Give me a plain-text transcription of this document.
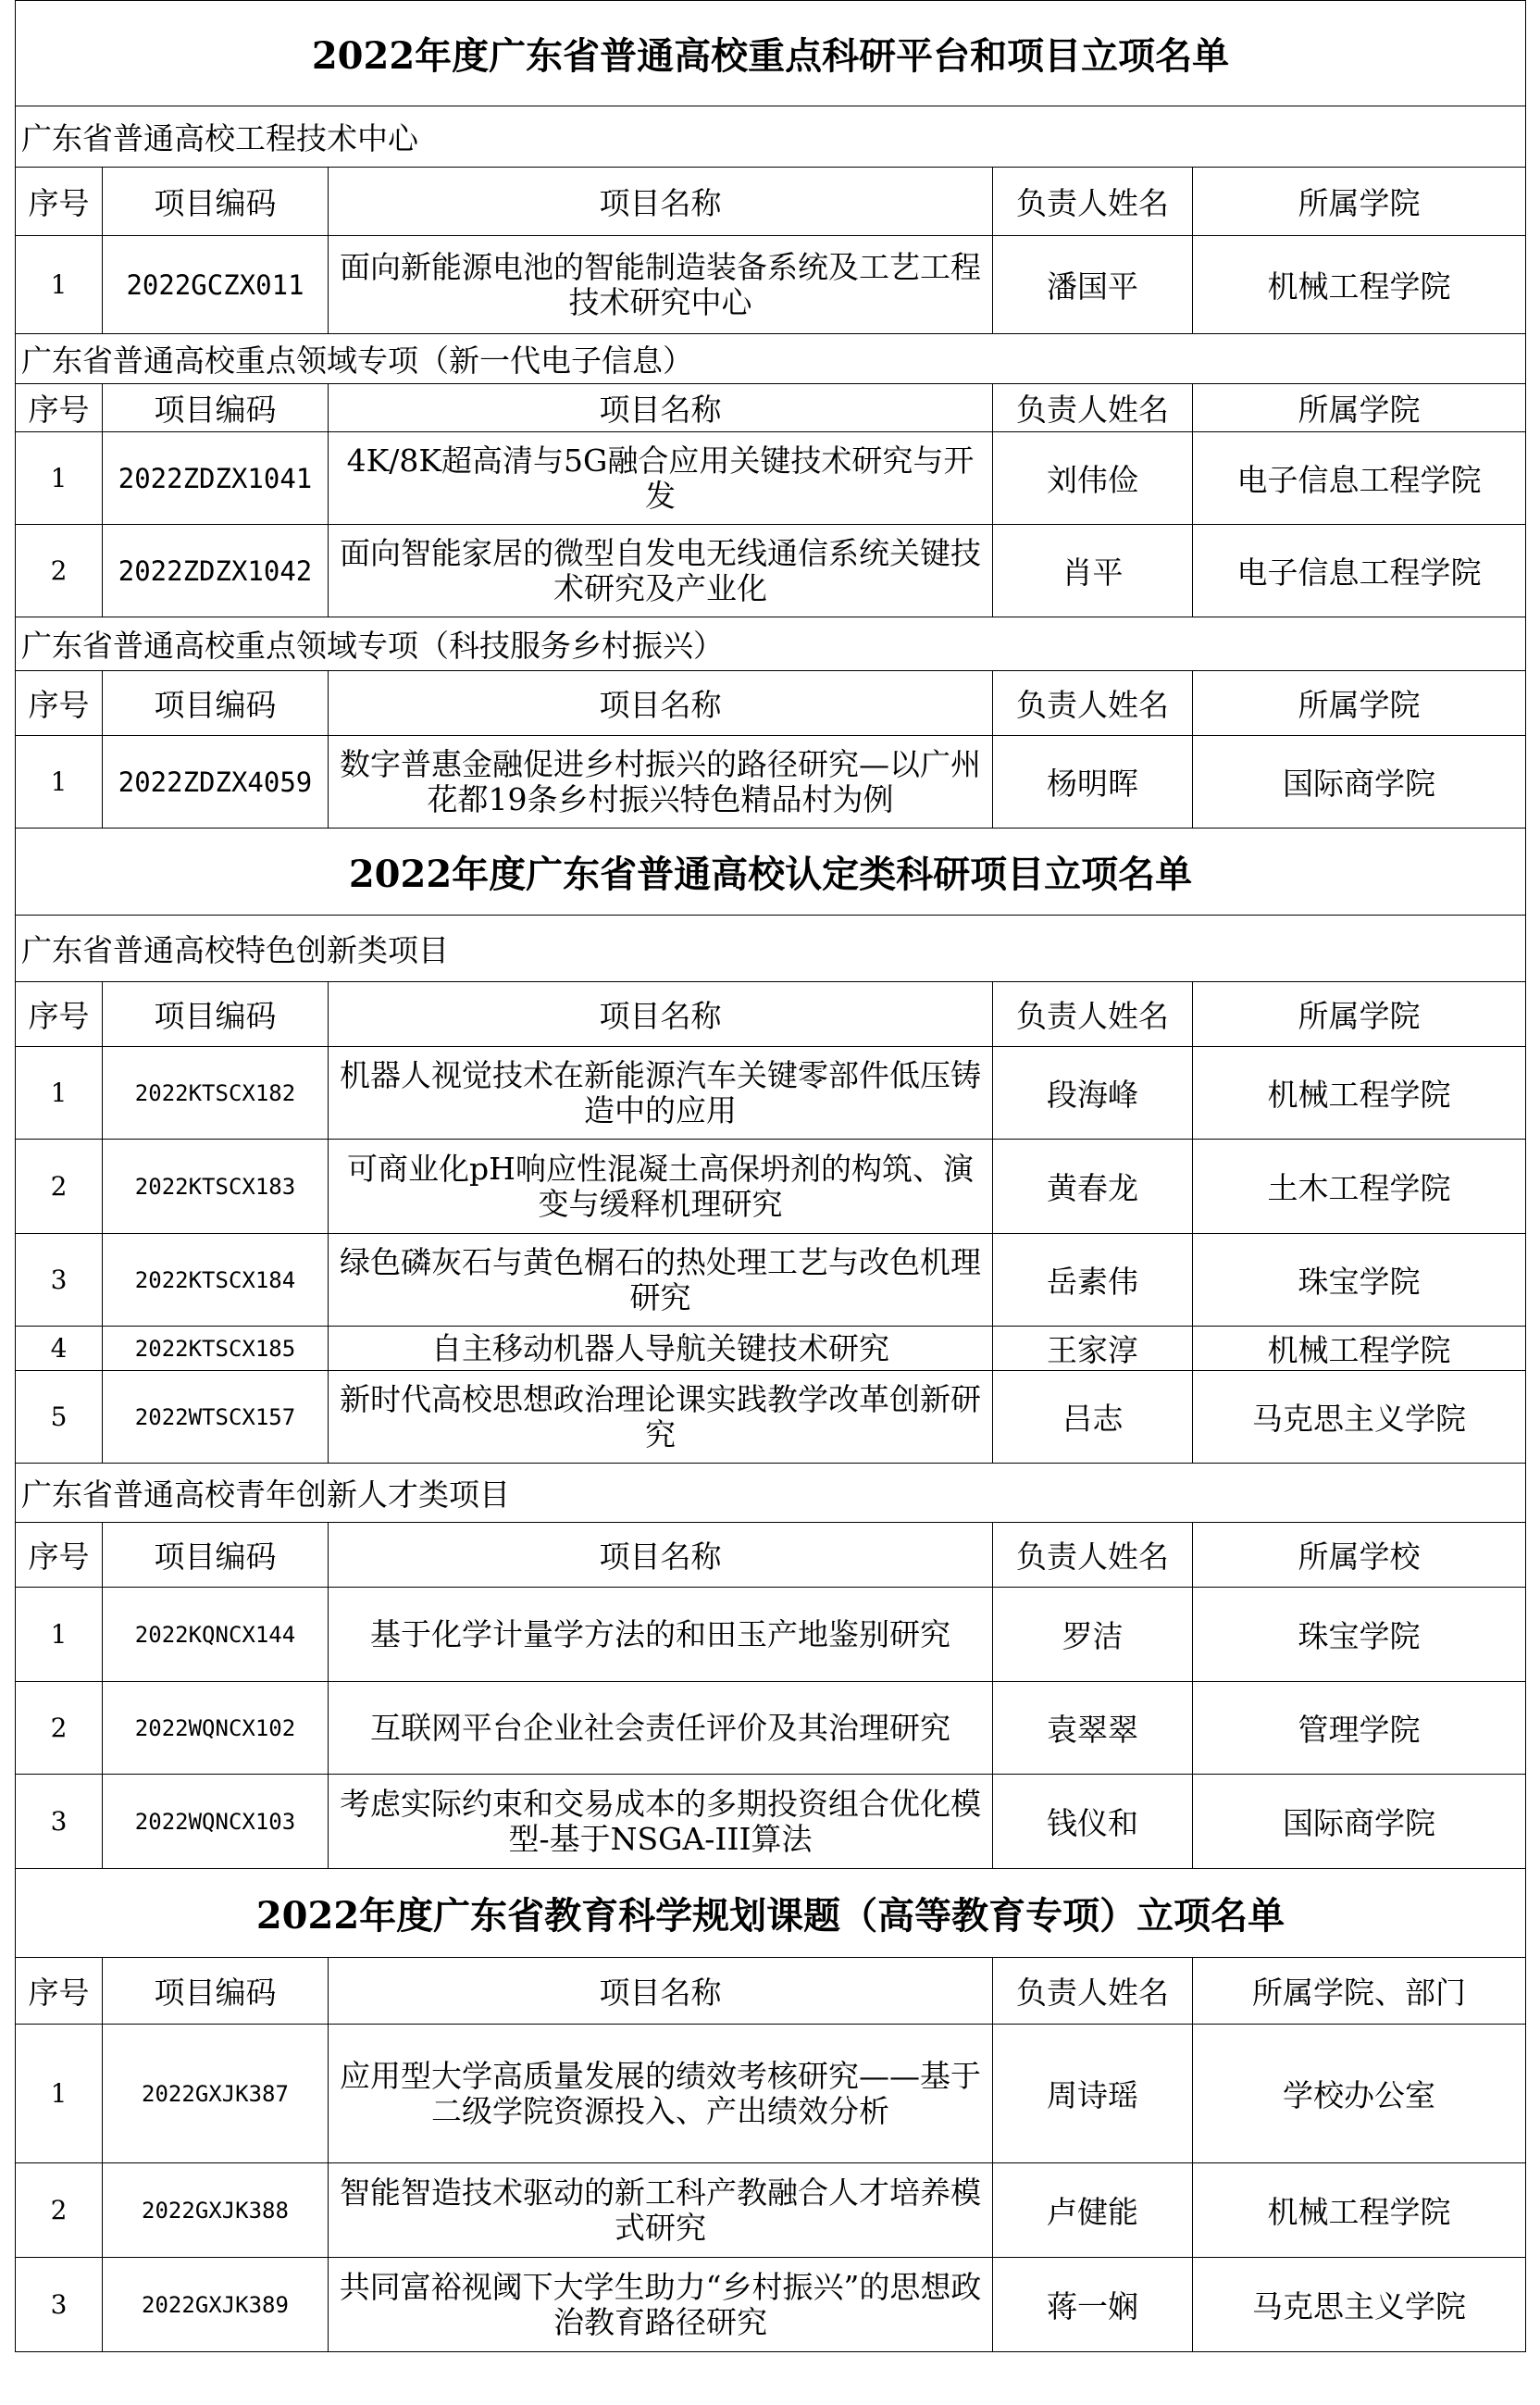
2022年度广东省普通高校重点科研平台和项目立项名单				
广东省普通高校工程技术中心				
序号	项目编码	项目名称	负责人姓名	所属学院
1	2022GCZX011	面向新能源电池的智能制造装备系统及工艺工程技术研究中心	潘国平	机械工程学院
广东省普通高校重点领域专项（新一代电子信息）				
序号	项目编码	项目名称	负责人姓名	所属学院
1	2022ZDZX1041	4K/8K超高清与5G融合应用关键技术研究与开发	刘伟俭	电子信息工程学院
2	2022ZDZX1042	面向智能家居的微型自发电无线通信系统关键技术研究及产业化	肖平	电子信息工程学院
广东省普通高校重点领域专项（科技服务乡村振兴）				
序号	项目编码	项目名称	负责人姓名	所属学院
1	2022ZDZX4059	数字普惠金融促进乡村振兴的路径研究—以广州花都19条乡村振兴特色精品村为例	杨明晖	国际商学院
2022年度广东省普通高校认定类科研项目立项名单				
广东省普通高校特色创新类项目				
序号	项目编码	项目名称	负责人姓名	所属学院
1	2022KTSCX182	机器人视觉技术在新能源汽车关键零部件低压铸造中的应用	段海峰	机械工程学院
2	2022KTSCX183	可商业化pH响应性混凝土高保坍剂的构筑、演变与缓释机理研究	黄春龙	土木工程学院
3	2022KTSCX184	绿色磷灰石与黄色榍石的热处理工艺与改色机理研究	岳素伟	珠宝学院
4	2022KTSCX185	自主移动机器人导航关键技术研究	王家淳	机械工程学院
5	2022WTSCX157	新时代高校思想政治理论课实践教学改革创新研究	吕志	马克思主义学院
广东省普通高校青年创新人才类项目				
序号	项目编码	项目名称	负责人姓名	所属学校
1	2022KQNCX144	基于化学计量学方法的和田玉产地鉴别研究	罗洁	珠宝学院
2	2022WQNCX102	互联网平台企业社会责任评价及其治理研究	袁翠翠	管理学院
3	2022WQNCX103	考虑实际约束和交易成本的多期投资组合优化模型-基于NSGA-III算法	钱仪和	国际商学院
2022年度广东省教育科学规划课题（高等教育专项）立项名单				
序号	项目编码	项目名称	负责人姓名	所属学院、部门
1	2022GXJK387	应用型大学高质量发展的绩效考核研究——基于二级学院资源投入、产出绩效分析	周诗瑶	学校办公室
2	2022GXJK388	智能智造技术驱动的新工科产教融合人才培养模式研究	卢健能	机械工程学院
3	2022GXJK389	共同富裕视阈下大学生助力“乡村振兴”的思想政治教育路径研究	蒋一娴	马克思主义学院
